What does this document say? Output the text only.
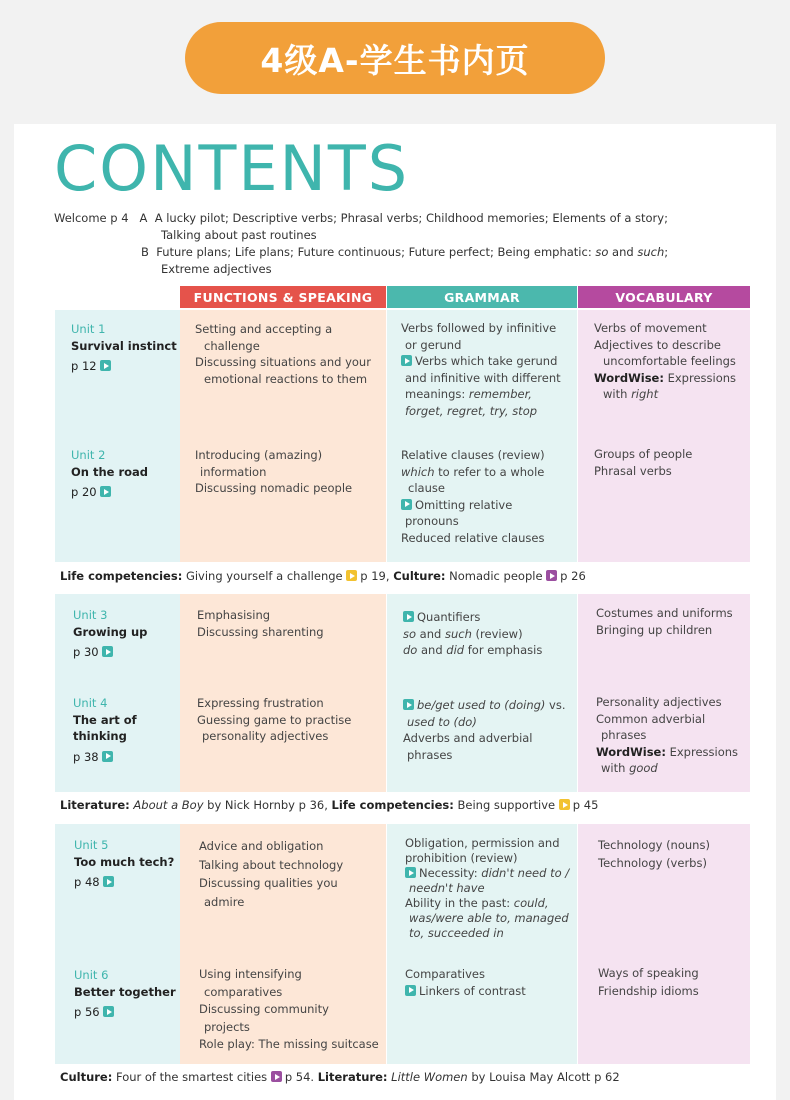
4级A-学生书内页
CONTENTS
Welcome p 4 A A lucky pilot; Descriptive verbs; Phrasal verbs; Childhood memories; Elements of a story;
Talking about past routines
B Future plans; Life plans; Future continuous; Future perfect; Being emphatic: so and such;
Extreme adjectives
FUNCTIONS & SPEAKING	GRAMMAR	VOCABULARY
Unit 1
Survival instinct
p 12
Setting and accepting a

challenge
Discussing situations and your

emotional reactions to them
Verbs followed by infinitive

or gerund
Verbs which take gerund
and infinitive with different
meanings: remember,
forget, regret, try, stop
Verbs of movement
Adjectives to describe

uncomfortable feelings
WordWise: Expressions
with right
Unit 2
On the road
p 20
Introducing (amazing)

information
Discussing nomadic people
Relative clauses (review)
which to refer to a whole

clause
Omitting relative

pronouns
Reduced relative clauses
Groups of people
Phrasal verbs
Life competencies: Giving yourself a challenge p 19, Culture: Nomadic people p 26
Unit 3
Growing up
p 30
Emphasising
Discussing sharenting
Quantifiers
so and such (review)
do and did for emphasis
Costumes and uniforms
Bringing up children
Unit 4
The art of
thinking
p 38
Expressing frustration
Guessing game to practise

personality adjectives
be/get used to (doing) vs.
used to (do)
Adverbs and adverbial
phrases
Personality adjectives
Common adverbial

phrases
WordWise: Expressions
with good
Literature: About a Boy by Nick Hornby p 36, Life competencies: Being supportive p 45
Unit 5
Too much tech?
p 48
Advice and obligation
Talking about technology
Discussing qualities you

admire
Obligation, permission and
prohibition (review)
Necessity: didn't need to /
needn't have
Ability in the past: could,
was/were able to, managed
to, succeeded in
Technology (nouns)
Technology (verbs)
Unit 6
Better together
p 56
Using intensifying

comparatives
Discussing community

projects
Role play: The missing suitcase
Comparatives
Linkers of contrast
Ways of speaking
Friendship idioms
Culture: Four of the smartest cities p 54. Literature: Little Women by Louisa May Alcott p 62
